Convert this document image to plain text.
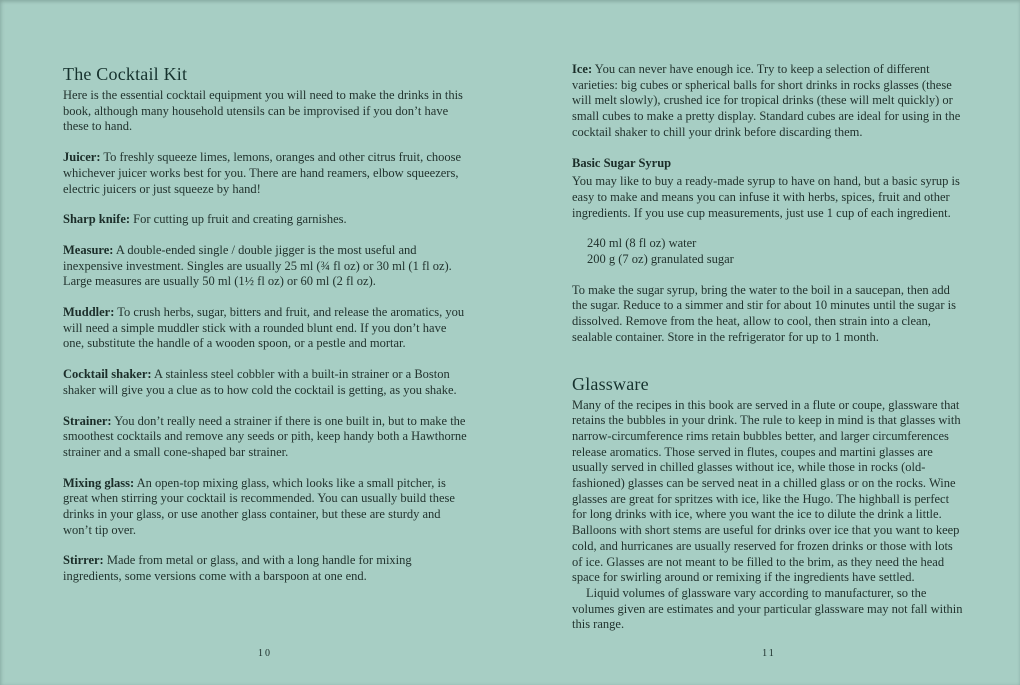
The Cocktail Kit

Here is the essential cocktail equipment you will need to make the drinks in this book, although many household utensils can be improvised if you don’t have these to hand.

Juicer: To freshly squeeze limes, lemons, oranges and other citrus fruit, choose whichever juicer works best for you. There are hand reamers, elbow squeezers, electric juicers or just squeeze by hand!

Sharp knife: For cutting up fruit and creating garnishes.

Measure: A double-ended single / double jigger is the most useful and inexpensive investment. Singles are usually 25 ml (¾ fl oz) or 30 ml (1 fl oz). Large measures are usually 50 ml (1½ fl oz) or 60 ml (2 fl oz).

Muddler: To crush herbs, sugar, bitters and fruit, and release the aromatics, you will need a simple muddler stick with a rounded blunt end. If you don’t have one, substitute the handle of a wooden spoon, or a pestle and mortar.

Cocktail shaker: A stainless steel cobbler with a built-in strainer or a Boston shaker will give you a clue as to how cold the cocktail is getting, as you shake.

Strainer: You don’t really need a strainer if there is one built in, but to make the smoothest cocktails and remove any seeds or pith, keep handy both a Hawthorne strainer and a small cone-shaped bar strainer.

Mixing glass: An open-top mixing glass, which looks like a small pitcher, is great when stirring your cocktail is recommended. You can usually build these drinks in your glass, or use another glass container, but these are sturdy and won’t tip over.

Stirrer: Made from metal or glass, and with a long handle for mixing ingredients, some versions come with a barspoon at one end.

Ice: You can never have enough ice. Try to keep a selection of different varieties: big cubes or spherical balls for short drinks in rocks glasses (these will melt slowly), crushed ice for tropical drinks (these will melt quickly) or small cubes to make a pretty display. Standard cubes are ideal for using in the cocktail shaker to chill your drink before discarding them.

Basic Sugar Syrup

You may like to buy a ready-made syrup to have on hand, but a basic syrup is easy to make and means you can infuse it with herbs, spices, fruit and other ingredients. If you use cup measurements, just use 1 cup of each ingredient.

240 ml (8 fl oz) water
200 g (7 oz) granulated sugar

To make the sugar syrup, bring the water to the boil in a saucepan, then add the sugar. Reduce to a simmer and stir for about 10 minutes until the sugar is dissolved. Remove from the heat, allow to cool, then strain into a clean, sealable container. Store in the refrigerator for up to 1 month.

Glassware

Many of the recipes in this book are served in a flute or coupe, glassware that retains the bubbles in your drink. The rule to keep in mind is that glasses with narrow-circumference rims retain bubbles better, and larger circumferences release aromatics. Those served in flutes, coupes and martini glasses are usually served in chilled glasses without ice, while those in rocks (old-fashioned) glasses can be served neat in a chilled glass or on the rocks. Wine glasses are great for spritzes with ice, like the Hugo. The highball is perfect for long drinks with ice, where you want the ice to dilute the drink a little. Balloons with short stems are useful for drinks over ice that you want to keep cold, and hurricanes are usually reserved for frozen drinks or those with lots of ice. Glasses are not meant to be filled to the brim, as they need the head space for swirling around or remixing if the ingredients have settled.

Liquid volumes of glassware vary according to manufacturer, so the volumes given are estimates and your particular glassware may not fall within this range.

10	11
